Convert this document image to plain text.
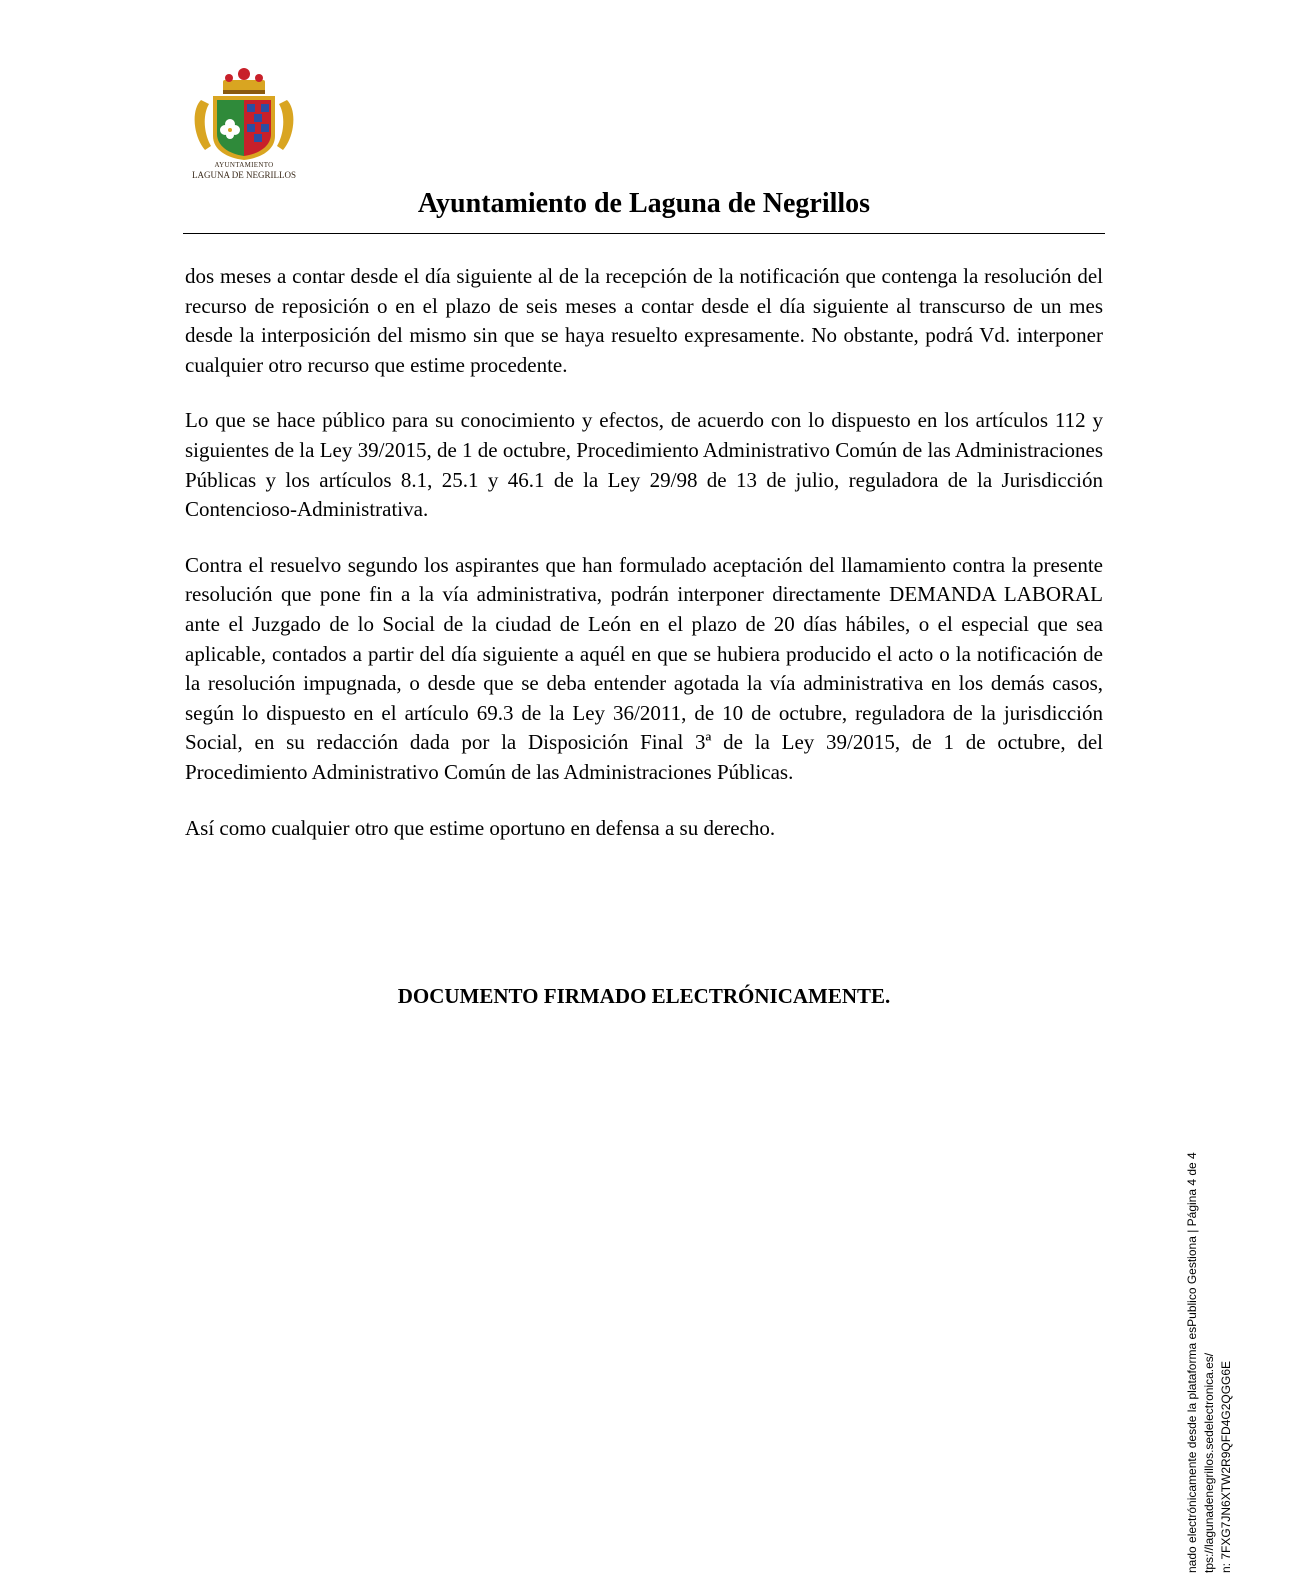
AYUNTAMIENTO
LAGUNA DE NEGRILLOS
Ayuntamiento de Laguna de Negrillos

dos meses a contar desde el día siguiente al de la recepción de la notificación que contenga la resolución del recurso de reposición o en el plazo de seis meses a contar desde el día siguiente al transcurso de un mes desde la interposición del mismo sin que se haya resuelto expresamente. No obstante, podrá Vd. interponer cualquier otro recurso que estime procedente.

Lo que se hace público para su conocimiento y efectos, de acuerdo con lo dispuesto en los artículos 112 y siguientes de la Ley 39/2015, de 1 de octubre, Procedimiento Administrativo Común de las Administraciones Públicas y los artículos 8.1, 25.1 y 46.1 de la Ley 29/98 de 13 de julio, reguladora de la Jurisdicción Contencioso-Administrativa.

Contra el resuelvo segundo los aspirantes que han formulado aceptación del llamamiento contra la presente resolución que pone fin a la vía administrativa, podrán interponer directamente DEMANDA LABORAL ante el Juzgado de lo Social de la ciudad de León en el plazo de 20 días hábiles, o el especial que sea aplicable, contados a partir del día siguiente a aquél en que se hubiera producido el acto o la notificación de la resolución impugnada, o desde que se deba entender agotada la vía administrativa en los demás casos, según lo dispuesto en el artículo 69.3 de la Ley 36/2011, de 10 de octubre, reguladora de la jurisdicción Social, en su redacción dada por la Disposición Final 3ª de la Ley 39/2015, de 1 de octubre, del Procedimiento Administrativo Común de las Administraciones Públicas.

Así como cualquier otro que estime oportuno en defensa a su derecho.

DOCUMENTO FIRMADO ELECTRÓNICAMENTE.
nado electrónicamente desde la plataforma esPublico Gestiona | Página 4 de 4 tps://lagunadenegrillos.sedelectronica.es/ n: 7FXG7JN6XTW2R9QFD4G2QGG6E
